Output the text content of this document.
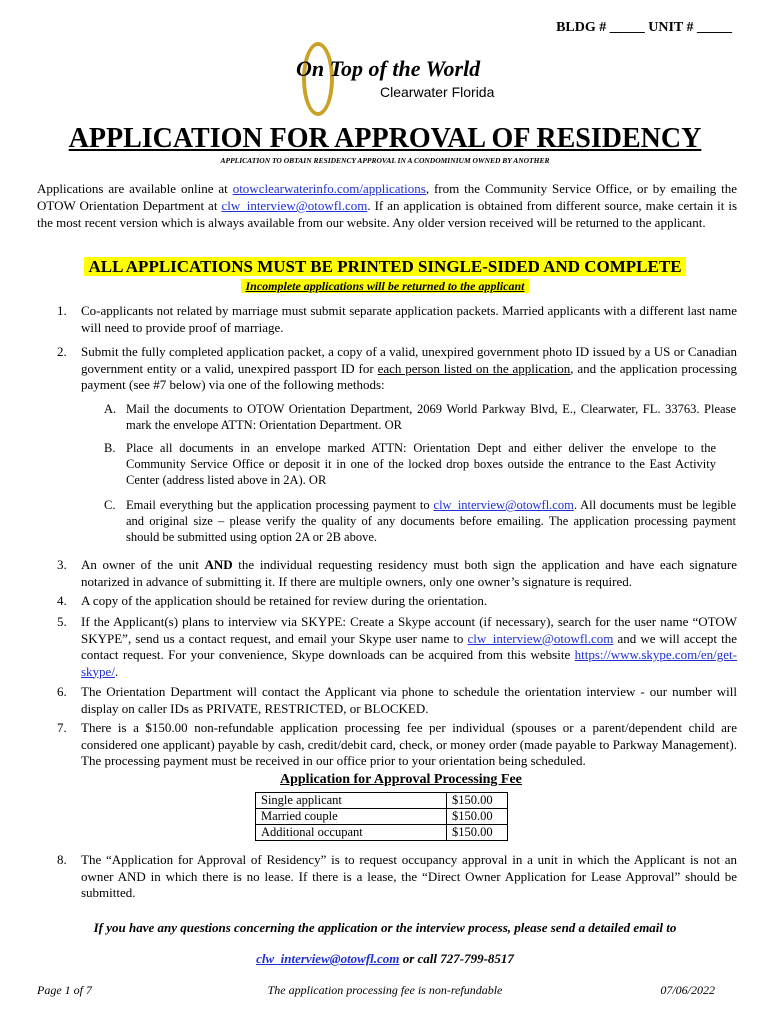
BLDG # _____ UNIT # _____
On Top of the World
Clearwater Florida
APPLICATION FOR APPROVAL OF RESIDENCY
APPLICATION TO OBTAIN RESIDENCY APPROVAL IN A CONDOMINIUM OWNED BY ANOTHER
Applications are available online at otowclearwaterinfo.com/applications, from the Community Service Office, or by emailing the OTOW Orientation Department at clw_interview@otowfl.com. If an application is obtained from different source, make certain it is the most recent version which is always available from our website. Any older version received will be returned to the applicant.
ALL APPLICATIONS MUST BE PRINTED SINGLE-SIDED AND COMPLETE
Incomplete applications will be returned to the applicant
1. Co-applicants not related by marriage must submit separate application packets. Married applicants with a different last name will need to provide proof of marriage.
2. Submit the fully completed application packet, a copy of a valid, unexpired government photo ID issued by a US or Canadian government entity or a valid, unexpired passport ID for each person listed on the application, and the application processing payment (see #7 below) via one of the following methods:
A. Mail the documents to OTOW Orientation Department, 2069 World Parkway Blvd, E., Clearwater, FL. 33763. Please mark the envelope ATTN: Orientation Department. OR
B. Place all documents in an envelope marked ATTN: Orientation Dept and either deliver the envelope to the Community Service Office or deposit it in one of the locked drop boxes outside the entrance to the East Activity Center (address listed above in 2A). OR
C. Email everything but the application processing payment to clw_interview@otowfl.com. All documents must be legible and original size – please verify the quality of any documents before emailing. The application processing payment should be submitted using option 2A or 2B above.
3. An owner of the unit AND the individual requesting residency must both sign the application and have each signature notarized in advance of submitting it. If there are multiple owners, only one owner’s signature is required.
4. A copy of the application should be retained for review during the orientation.
5. If the Applicant(s) plans to interview via SKYPE: Create a Skype account (if necessary), search for the user name “OTOW SKYPE”, send us a contact request, and email your Skype user name to clw_interview@otowfl.com and we will accept the contact request. For your convenience, Skype downloads can be acquired from this website https://www.skype.com/en/get-skype/.
6. The Orientation Department will contact the Applicant via phone to schedule the orientation interview - our number will display on caller IDs as PRIVATE, RESTRICTED, or BLOCKED.
7. There is a $150.00 non-refundable application processing fee per individual (spouses or a parent/dependent child are considered one applicant) payable by cash, credit/debit card, check, or money order (made payable to Parkway Management). The processing payment must be received in our office prior to your orientation being scheduled.
Application for Approval Processing Fee
Single applicant	$150.00
Married couple	$150.00
Additional occupant	$150.00
8. The “Application for Approval of Residency” is to request occupancy approval in a unit in which the Applicant is not an owner AND in which there is no lease. If there is a lease, the “Direct Owner Application for Lease Approval” should be submitted.
If you have any questions concerning the application or the interview process, please send a detailed email to
clw_interview@otowfl.com or call 727-799-8517
Page 1 of 7	The application processing fee is non-refundable	07/06/2022
